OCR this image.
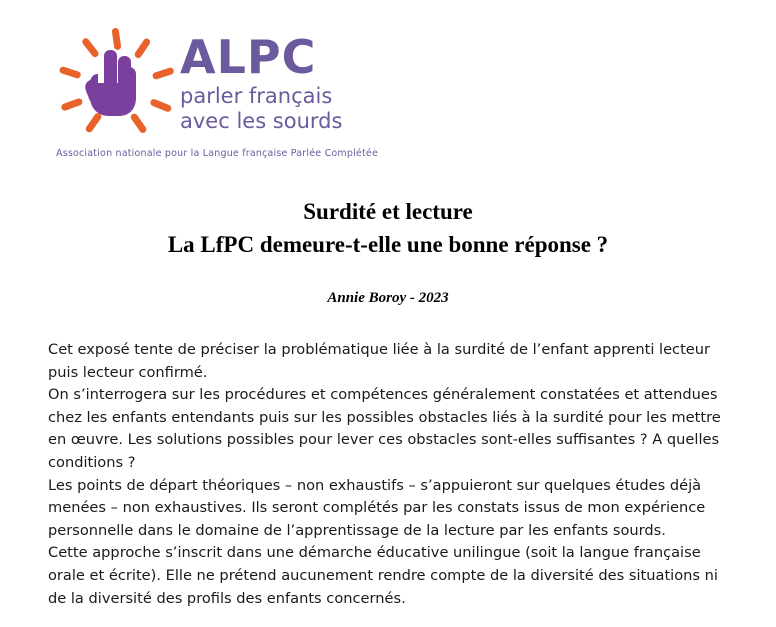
ALPC
parler français
avec les sourds
Association nationale pour la Langue française Parlée Complétée
Surdité et lecture
La LfPC demeure-t-elle une bonne réponse ?
Annie Boroy - 2023

Cet exposé tente de préciser la problématique liée à la surdité de l’enfant apprenti lecteur puis lecteur confirmé.

On s’interrogera sur les procédures et compétences généralement constatées et attendues chez les enfants entendants puis sur les possibles obstacles liés à la surdité pour les mettre en œuvre. Les solutions possibles pour lever ces obstacles sont-elles suffisantes ? A quelles conditions ?

Les points de départ théoriques – non exhaustifs – s’appuieront sur quelques études déjà menées – non exhaustives. Ils seront complétés par les constats issus de mon expérience personnelle dans le domaine de l’apprentissage de la lecture par les enfants sourds.

Cette approche s’inscrit dans une démarche éducative unilingue (soit la langue française orale et écrite). Elle ne prétend aucunement rendre compte de la diversité des situations ni de la diversité des profils des enfants concernés.
